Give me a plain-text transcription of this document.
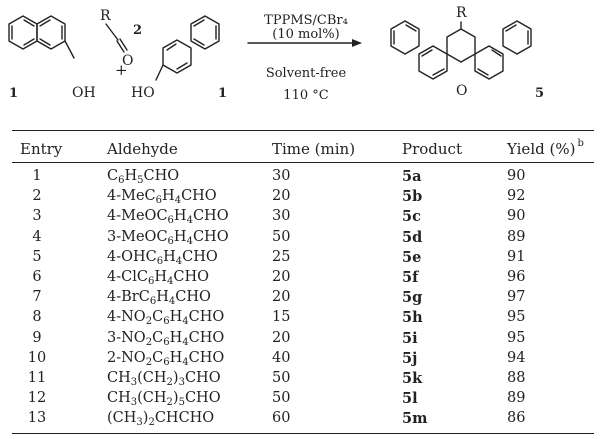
1	OH
R
2
O
+
HO	1
TPPMS/CBr₄
(10 mol%)
Solvent-free
110 °C
R
O	5
Entry	Aldehyde	Time (min)	Product	Yield (%) $^b$
1	$C_6H_5CHO$	30	5a	90
2	$4-MeC_6H_4CHO$	20	5b	92
3	$4-MeOC_6H_4CHO$	30	5c	90
4	$3-MeOC_6H_4CHO$	50	5d	89
5	$4-OHC_6H_4CHO$	25	5e	91
6	$4-ClC_6H_4CHO$	20	5f	96
7	$4-BrC_6H_4CHO$	20	5g	97
8	$4-NO_2C_6H_4CHO$	15	5h	95
9	$3-NO_2C_6H_4CHO$	20	5i	95
10	$2-NO_2C_6H_4CHO$	40	5j	94
11	$CH_3(CH_2)_3CHO$	50	5k	88
12	$CH_3(CH_2)_5CHO$	50	5l	89
13	$(CH_3)_2CHCHO$	60	5m	86
